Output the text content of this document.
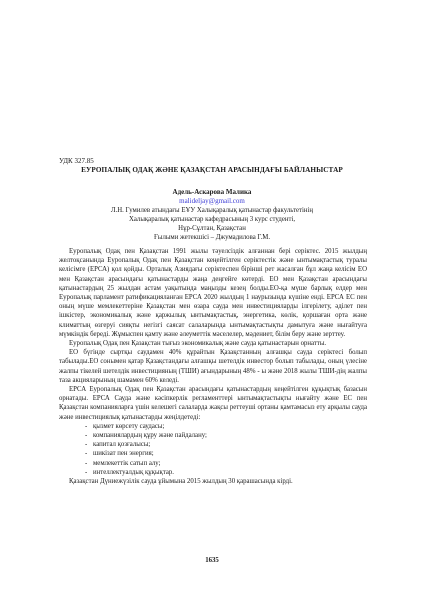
УДК 327.85
ЕУРОПАЛЫҚ ОДАҚ ЖӘНЕ ҚАЗАҚСТАН АРАСЫНДАҒЫ БАЙЛАНЫСТАР
Адель-Аскарова Малика
malideljay@gmail.com
Л.Н. Гумилев атындағы ЕҰУ Халықаралық қатынастар факультетінің
Халықаралық қатынастар кафедрасының 3 курс студенті,
Нұр-Сұлтан, Қазақстан
Ғылыми жетекшісі – Джумадилова Г.М.

Еуропалық Одақ пен Қазақстан 1991 жылы тәуелсіздік алғаннан бері серіктес. 2015 жылдың желтоқсанында Еуропалық Одақ пен Қазақстан кеңейтілген серіктестік және ынтымақтастық туралы келісімге (ЕРСА) қол қойды. Орталық Азиядағы серіктеспен бірінші рет жасалған бұл жаңа келісім ЕО мен Қазақстан арасындағы қатынастарды жаңа деңгейге көтерді. ЕО мен Қазақстан арасындағы қатынастардың 25 жылдан астам уақытында маңызды кезең болды.ЕО-қа мүше барлық елдер мен Еуропалық парламент ратификацияланған ЕРСА 2020 жылдың 1 наурызында күшіне енді. ЕРСА ЕС пен оның мүше мемлекеттеріне Қазақстан мен өзара сауда мен инвестицияларды ілгерілету, әділет пен ішкістер, экономикалық және қаржылық ынтымақтастық, энергетика, көлік, қоршаған орта және климаттың өзгеруі сияқты негізгі саясат салаларында ынтымақтастықты дамытуға және нығайтуға мүмкіндік береді. Жұмыспен қамту және әлеуметтік мәселелер, мәдениет, білім беру және зерттеу.

Еуропалық Одақ пен Қазақстан тығыз экономикалық және сауда қатынастарын орнатты.

ЕО бүгінде сыртқы саудамен 40% құрайтын Қазақстанның алғашқы сауда серіктесі болып табылады.ЕО сонымен қатар Қазақстандағы алғашқы шетелдік инвестор болып табылады, оның үлесіне жалпы тікелей шетелдік инвестицияның (ТШИ) ағындарының 48% - ы және 2018 жылы ТШИ-дің жалпы таза акцияларының шамамен 60% келеді.

ЕРСА Еуропалық Одақ пен Қазақстан арасындағы қатынастардың кеңейтілген құқықтық базасын орнатады. ЕРСА Сауда және кәсіпкерлік регламенттері ынтымақтастықты нығайту және ЕС пен Қазақстан компанияларға үшін келешегі салаларда жақсы реттеуші ортаны қамтамасыз ету арқылы сауда және инвестициялық қатынастарды жеңілдетеді:

- қызмет көрсету саудасы;
- компаниялардың құру және пайдалану;
- капитал қозғалысы;
- шикізат пен энергия;
- мемлекеттік сатып алу;
- интеллектуалдық құқықтар.

Қазақстан Дүниежүзілік сауда ұйымына 2015 жылдың 30 қарашасында кірді.

1635
